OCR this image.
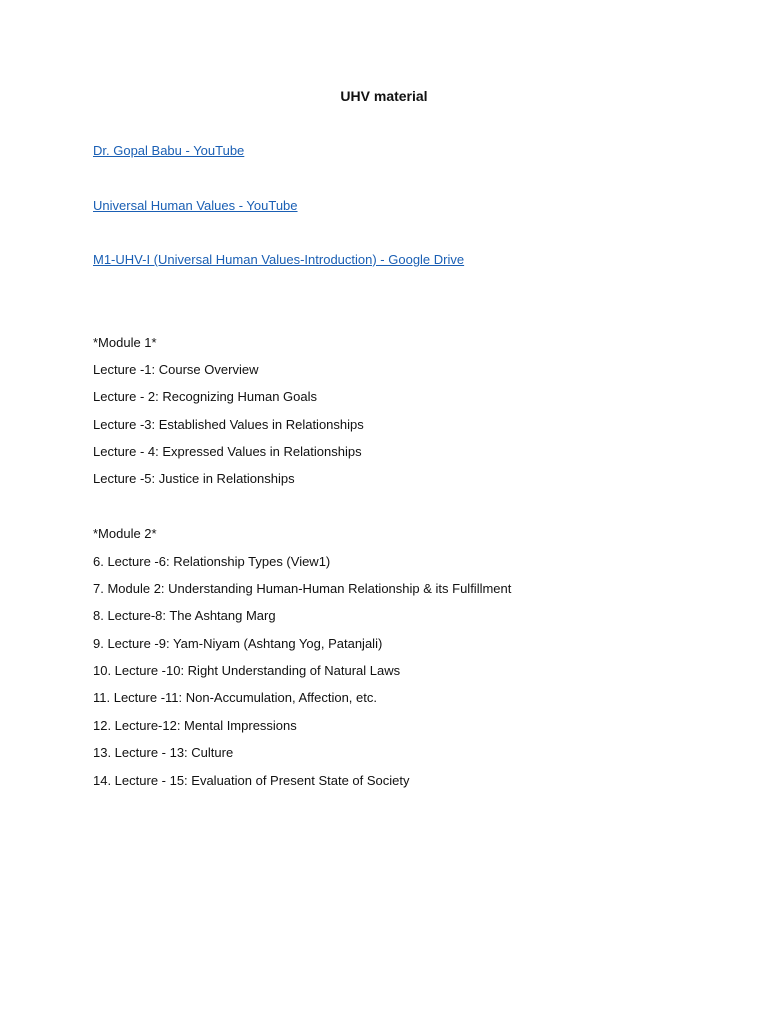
UHV material
Dr. Gopal Babu - YouTube
Universal Human Values - YouTube
M1-UHV-I (Universal Human Values-Introduction) - Google Drive
*Module 1*
Lecture -1: Course Overview
Lecture - 2: Recognizing Human Goals
Lecture -3: Established Values in Relationships
Lecture - 4: Expressed Values in Relationships
Lecture -5: Justice in Relationships
*Module 2*
6. Lecture -6: Relationship Types (View1)
7. Module 2: Understanding Human-Human Relationship & its Fulfillment
8. Lecture-8: The Ashtang Marg
9. Lecture -9: Yam-Niyam (Ashtang Yog, Patanjali)
10. Lecture -10: Right Understanding of Natural Laws
11. Lecture -11: Non-Accumulation, Affection, etc.
12. Lecture-12: Mental Impressions
13. Lecture - 13: Culture
14. Lecture - 15: Evaluation of Present State of Society
